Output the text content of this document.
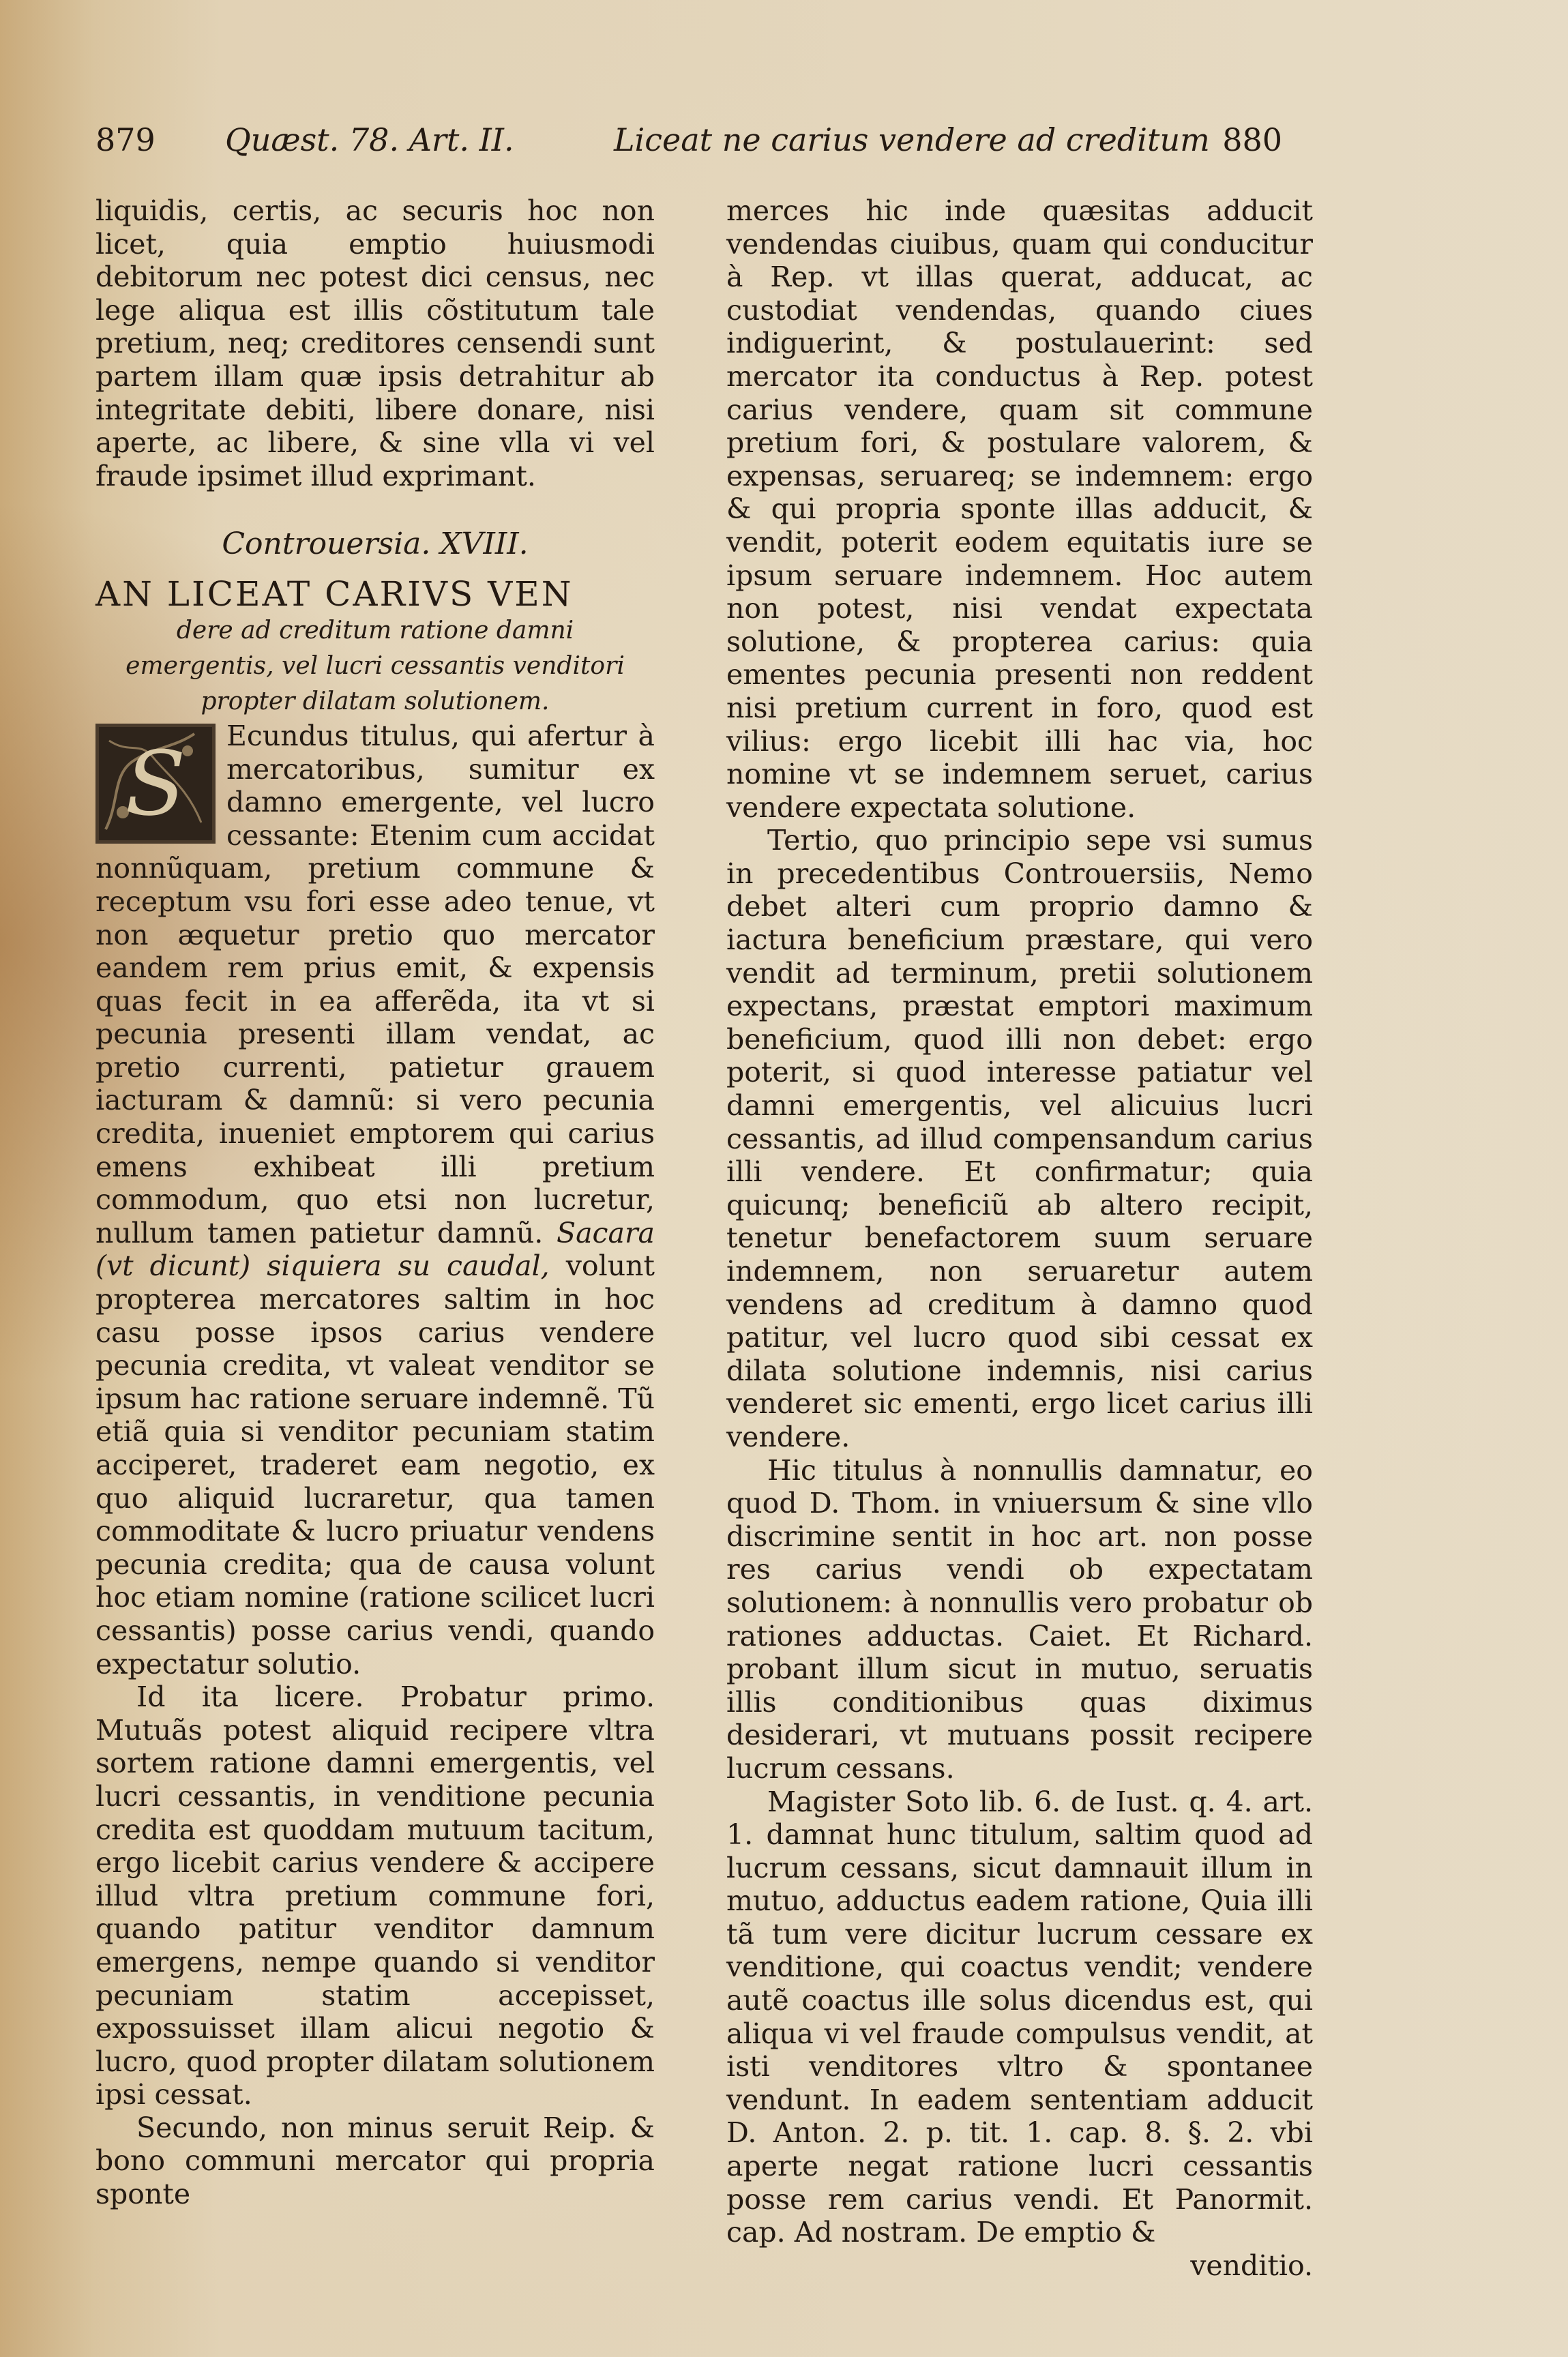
879 Quæst. 78. Art. II.	Liceat ne carius vendere ad creditum 880

liquidis, certis, ac securis hoc non licet, quia emptio huiusmodi debitorum nec potest dici census, nec lege aliqua est illis cõstitutum tale pretium, neq; creditores censendi sunt partem illam quæ ipsis detrahitur ab integritate debiti, libere donare, nisi aperte, ac libere, & sine vlla vi vel fraude ipsimet illud exprimant.

Controuersia. XVIII.

AN LICEAT CARIVS VEN

dere ad creditum ratione damni emergentis, vel lucri cessantis venditori propter dilatam solutionem.

S	Ecundus titulus, qui afertur à mercatoribus, sumitur ex damno emergente, vel lucro cessante: Etenim cum accidat nonnũquam, pretium commune & receptum vsu fori esse adeo tenue, vt non æquetur pretio quo mercator eandem rem prius emit, & expensis quas fecit in ea afferẽda, ita vt si pecunia presenti illam vendat, ac pretio currenti, patietur grauem iacturam & damnũ: si vero pecunia credita, inueniet emptorem qui carius emens exhibeat illi pretium commodum, quo etsi non lucretur, nullum tamen patietur damnũ. Sacara (vt dicunt) siquiera su caudal, volunt propterea mercatores saltim in hoc casu posse ipsos carius vendere pecunia credita, vt valeat venditor se ipsum hac ratione seruare indemnẽ. Tũ etiã quia si venditor pecuniam statim acciperet, traderet eam negotio, ex quo aliquid lucraretur, qua tamen commoditate & lucro priuatur vendens pecunia credita; qua de causa volunt hoc etiam nomine (ratione scilicet lucri cessantis) posse carius vendi, quando expectatur solutio.

Id ita licere. Probatur primo. Mutuãs potest aliquid recipere vltra sortem ratione damni emergentis, vel lucri cessantis, in venditione pecunia credita est quoddam mutuum tacitum, ergo licebit carius vendere & accipere illud vltra pretium commune fori, quando patitur venditor damnum emergens, nempe quando si venditor pecuniam statim accepisset, expossuisset illam alicui negotio & lucro, quod propter dilatam solutionem ipsi cessat.

Secundo, non minus seruit Reip. & bono communi mercator qui propria sponte

merces hic inde quæsitas adducit vendendas ciuibus, quam qui conducitur à Rep. vt illas querat, adducat, ac custodiat vendendas, quando ciues indiguerint, & postulauerint: sed mercator ita conductus à Rep. potest carius vendere, quam sit commune pretium fori, & postulare valorem, & expensas, seruareq; se indemnem: ergo & qui propria sponte illas adducit, & vendit, poterit eodem equitatis iure se ipsum seruare indemnem. Hoc autem non potest, nisi vendat expectata solutione, & propterea carius: quia ementes pecunia presenti non reddent nisi pretium current in foro, quod est vilius: ergo licebit illi hac via, hoc nomine vt se indemnem seruet, carius vendere expectata solutione.

Tertio, quo principio sepe vsi sumus in precedentibus Controuersiis, Nemo debet alteri cum proprio damno & iactura beneficium præstare, qui vero vendit ad terminum, pretii solutionem expectans, præstat emptori maximum beneficium, quod illi non debet: ergo poterit, si quod interesse patiatur vel damni emergentis, vel alicuius lucri cessantis, ad illud compensandum carius illi vendere. Et confirmatur; quia quicunq; beneficiũ ab altero recipit, tenetur benefactorem suum seruare indemnem, non seruaretur autem vendens ad creditum à damno quod patitur, vel lucro quod sibi cessat ex dilata solutione indemnis, nisi carius venderet sic ementi, ergo licet carius illi vendere.

Hic titulus à nonnullis damnatur, eo quod D. Thom. in vniuersum & sine vllo discrimine sentit in hoc art. non posse res carius vendi ob expectatam solutionem: à nonnullis vero probatur ob rationes adductas. Caiet. Et Richard. probant illum sicut in mutuo, seruatis illis conditionibus quas diximus desiderari, vt mutuans possit recipere lucrum cessans.

Magister Soto lib. 6. de Iust. q. 4. art. 1. damnat hunc titulum, saltim quod ad lucrum cessans, sicut damnauit illum in mutuo, adductus eadem ratione, Quia illi tã tum vere dicitur lucrum cessare ex venditione, qui coactus vendit; vendere autẽ coactus ille solus dicendus est, qui aliqua vi vel fraude compulsus vendit, at isti venditores vltro & spontanee vendunt. In eadem sententiam adducit D. Anton. 2. p. tit. 1. cap. 8. §. 2. vbi aperte negat ratione lucri cessantis posse rem carius vendi. Et Panormit. cap. Ad nostram. De emptio &

venditio.
